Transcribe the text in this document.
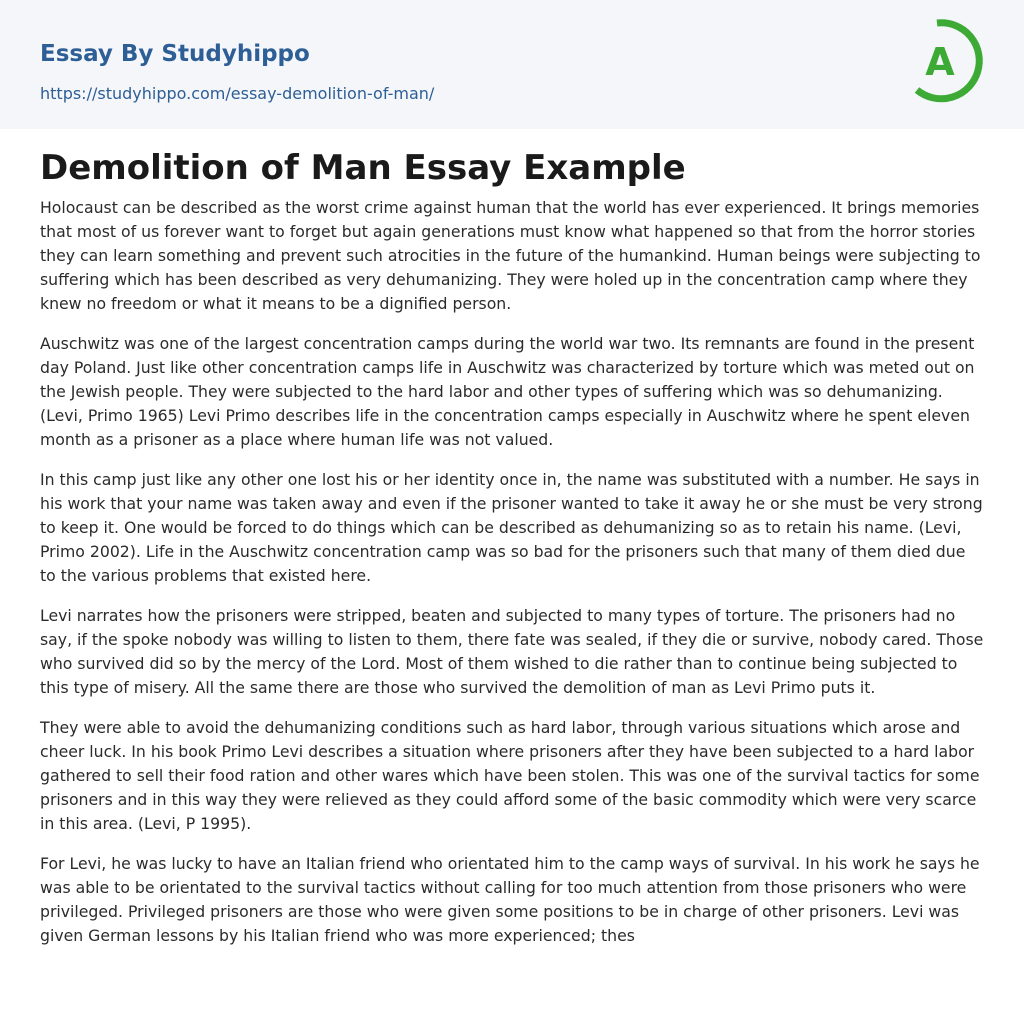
Essay By Studyhippo
https://studyhippo.com/essay-demolition-of-man/
A
Demolition of Man Essay Example

Holocaust can be described as the worst crime against human that the world has ever experienced. It brings memories that most of us forever want to forget but again generations must know what happened so that from the horror stories they can learn something and prevent such atrocities in the future of the humankind. Human beings were subjecting to suffering which has been described as very dehumanizing. They were holed up in the concentration camp where they knew no freedom or what it means to be a dignified person.

Auschwitz was one of the largest concentration camps during the world war two. Its remnants are found in the present day Poland. Just like other concentration camps life in Auschwitz was characterized by torture which was meted out on the Jewish people. They were subjected to the hard labor and other types of suffering which was so dehumanizing. (Levi, Primo 1965) Levi Primo describes life in the concentration camps especially in Auschwitz where he spent eleven month as a prisoner as a place where human life was not valued.

In this camp just like any other one lost his or her identity once in, the name was substituted with a number. He says in his work that your name was taken away and even if the prisoner wanted to take it away he or she must be very strong to keep it. One would be forced to do things which can be described as dehumanizing so as to retain his name. (Levi, Primo 2002). Life in the Auschwitz concentration camp was so bad for the prisoners such that many of them died due to the various problems that existed here.

Levi narrates how the prisoners were stripped, beaten and subjected to many types of torture. The prisoners had no say, if the spoke nobody was willing to listen to them, there fate was sealed, if they die or survive, nobody cared. Those who survived did so by the mercy of the Lord. Most of them wished to die rather than to continue being subjected to this type of misery. All the same there are those who survived the demolition of man as Levi Primo puts it.

They were able to avoid the dehumanizing conditions such as hard labor, through various situations which arose and cheer luck. In his book Primo Levi describes a situation where prisoners after they have been subjected to a hard labor gathered to sell their food ration and other wares which have been stolen. This was one of the survival tactics for some prisoners and in this way they were relieved as they could afford some of the basic commodity which were very scarce in this area. (Levi, P 1995).

For Levi, he was lucky to have an Italian friend who orientated him to the camp ways of survival. In his work he says he was able to be orientated to the survival tactics without calling for too much attention from those prisoners who were privileged. Privileged prisoners are those who were given some positions to be in charge of other prisoners. Levi was given German lessons by his Italian friend who was more experienced; thes
